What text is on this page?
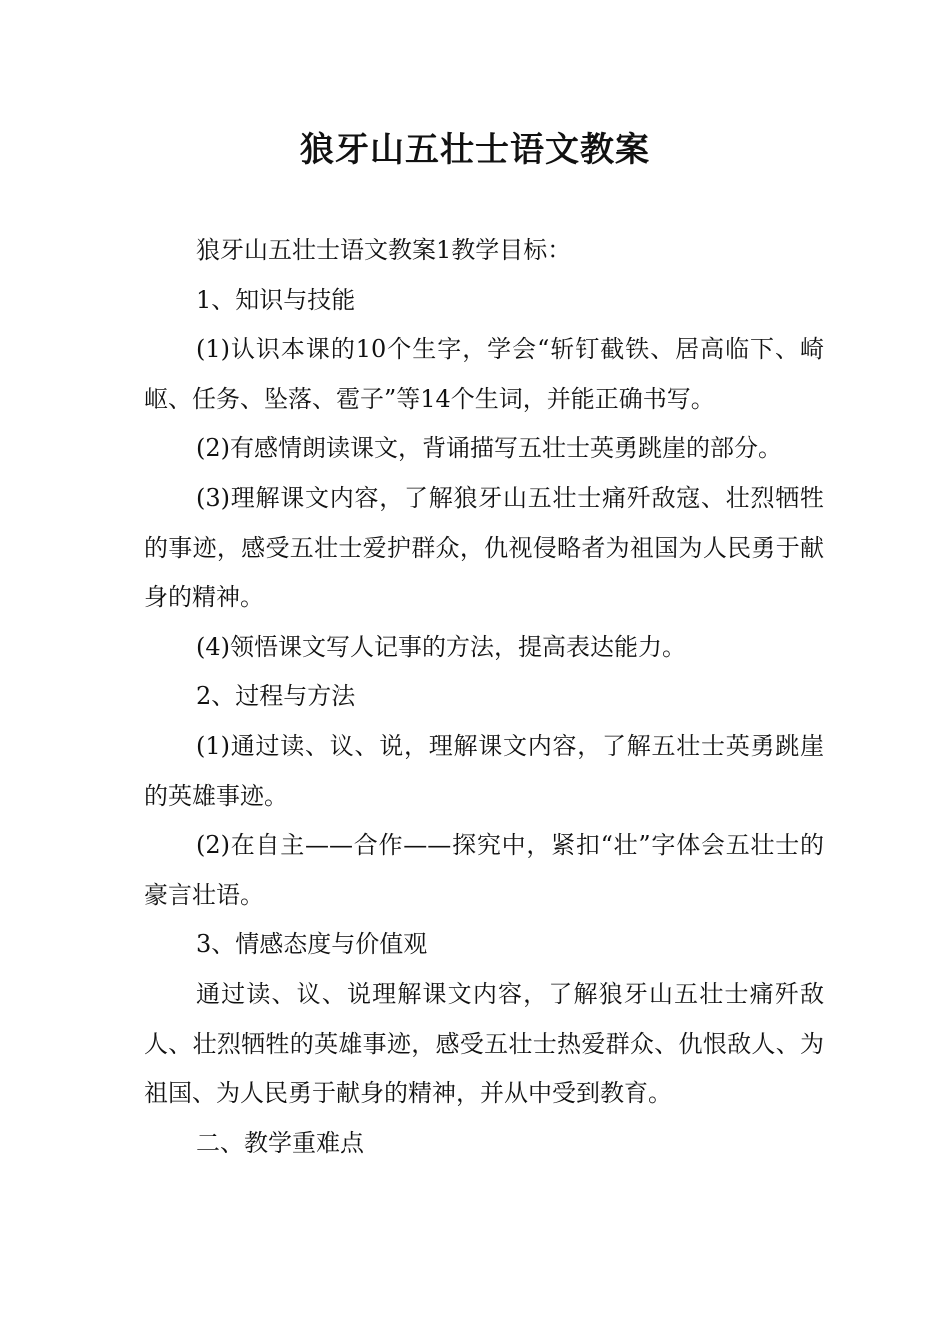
狼牙山五壮士语文教案

狼牙山五壮士语文教案1教学目标：

1、知识与技能

(1)认识本课的10个生字，学会“斩钉截铁、居高临下、崎岖、任务、坠落、雹子”等14个生词，并能正确书写。

(2)有感情朗读课文，背诵描写五壮士英勇跳崖的部分。

(3)理解课文内容，了解狼牙山五壮士痛歼敌寇、壮烈牺牲的事迹，感受五壮士爱护群众，仇视侵略者为祖国为人民勇于献身的精神。

(4)领悟课文写人记事的方法，提高表达能力。

2、过程与方法

(1)通过读、议、说，理解课文内容，了解五壮士英勇跳崖的英雄事迹。

(2)在自主——合作——探究中，紧扣“壮”字体会五壮士的豪言壮语。

3、情感态度与价值观

通过读、议、说理解课文内容，了解狼牙山五壮士痛歼敌人、壮烈牺牲的英雄事迹，感受五壮士热爱群众、仇恨敌人、为祖国、为人民勇于献身的精神，并从中受到教育。

二、教学重难点
